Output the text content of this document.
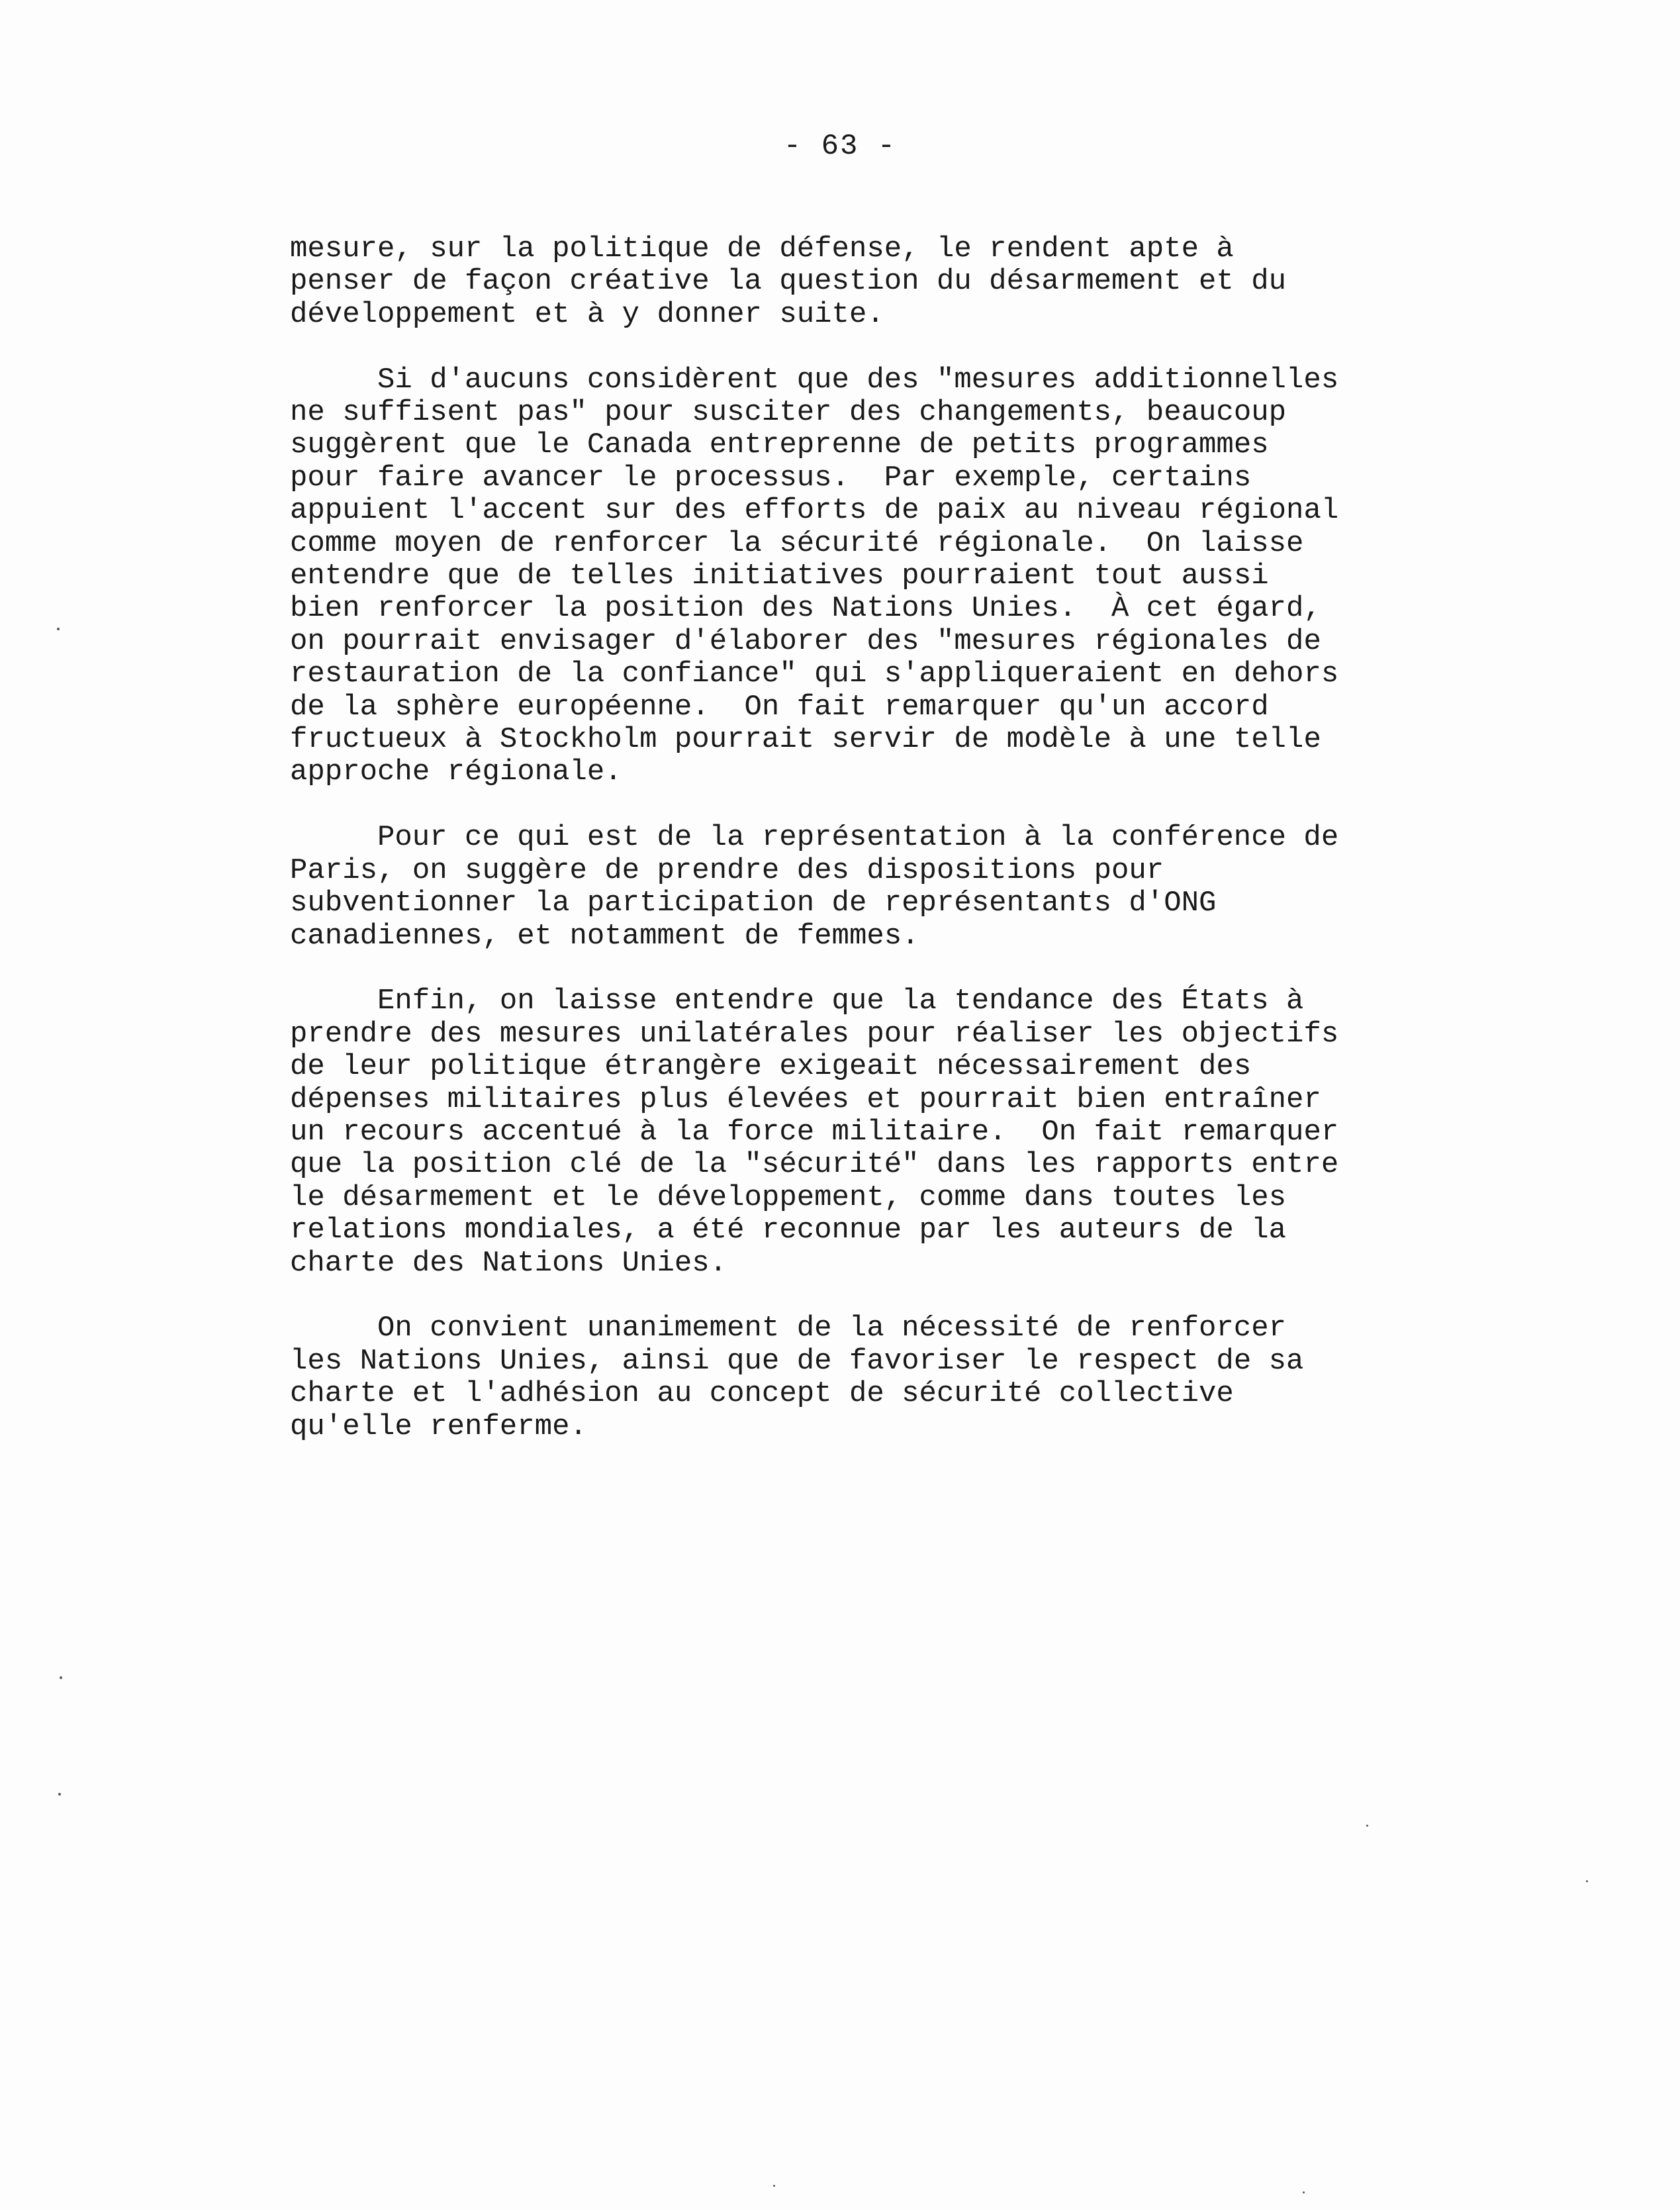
- 63 -
mesure, sur la politique de défense, le rendent apte à
penser de façon créative la question du désarmement et du
développement et à y donner suite.
Si d'aucuns considèrent que des "mesures additionnelles
ne suffisent pas" pour susciter des changements, beaucoup
suggèrent que le Canada entreprenne de petits programmes
pour faire avancer le processus.  Par exemple, certains
appuient l'accent sur des efforts de paix au niveau régional
comme moyen de renforcer la sécurité régionale.  On laisse
entendre que de telles initiatives pourraient tout aussi
bien renforcer la position des Nations Unies.  À cet égard,
on pourrait envisager d'élaborer des "mesures régionales de
restauration de la confiance" qui s'appliqueraient en dehors
de la sphère européenne.  On fait remarquer qu'un accord
fructueux à Stockholm pourrait servir de modèle à une telle
approche régionale.
Pour ce qui est de la représentation à la conférence de
Paris, on suggère de prendre des dispositions pour
subventionner la participation de représentants d'ONG
canadiennes, et notamment de femmes.
Enfin, on laisse entendre que la tendance des États à
prendre des mesures unilatérales pour réaliser les objectifs
de leur politique étrangère exigeait nécessairement des
dépenses militaires plus élevées et pourrait bien entraîner
un recours accentué à la force militaire.  On fait remarquer
que la position clé de la "sécurité" dans les rapports entre
le désarmement et le développement, comme dans toutes les
relations mondiales, a été reconnue par les auteurs de la
charte des Nations Unies.
On convient unanimement de la nécessité de renforcer
les Nations Unies, ainsi que de favoriser le respect de sa
charte et l'adhésion au concept de sécurité collective
qu'elle renferme.
